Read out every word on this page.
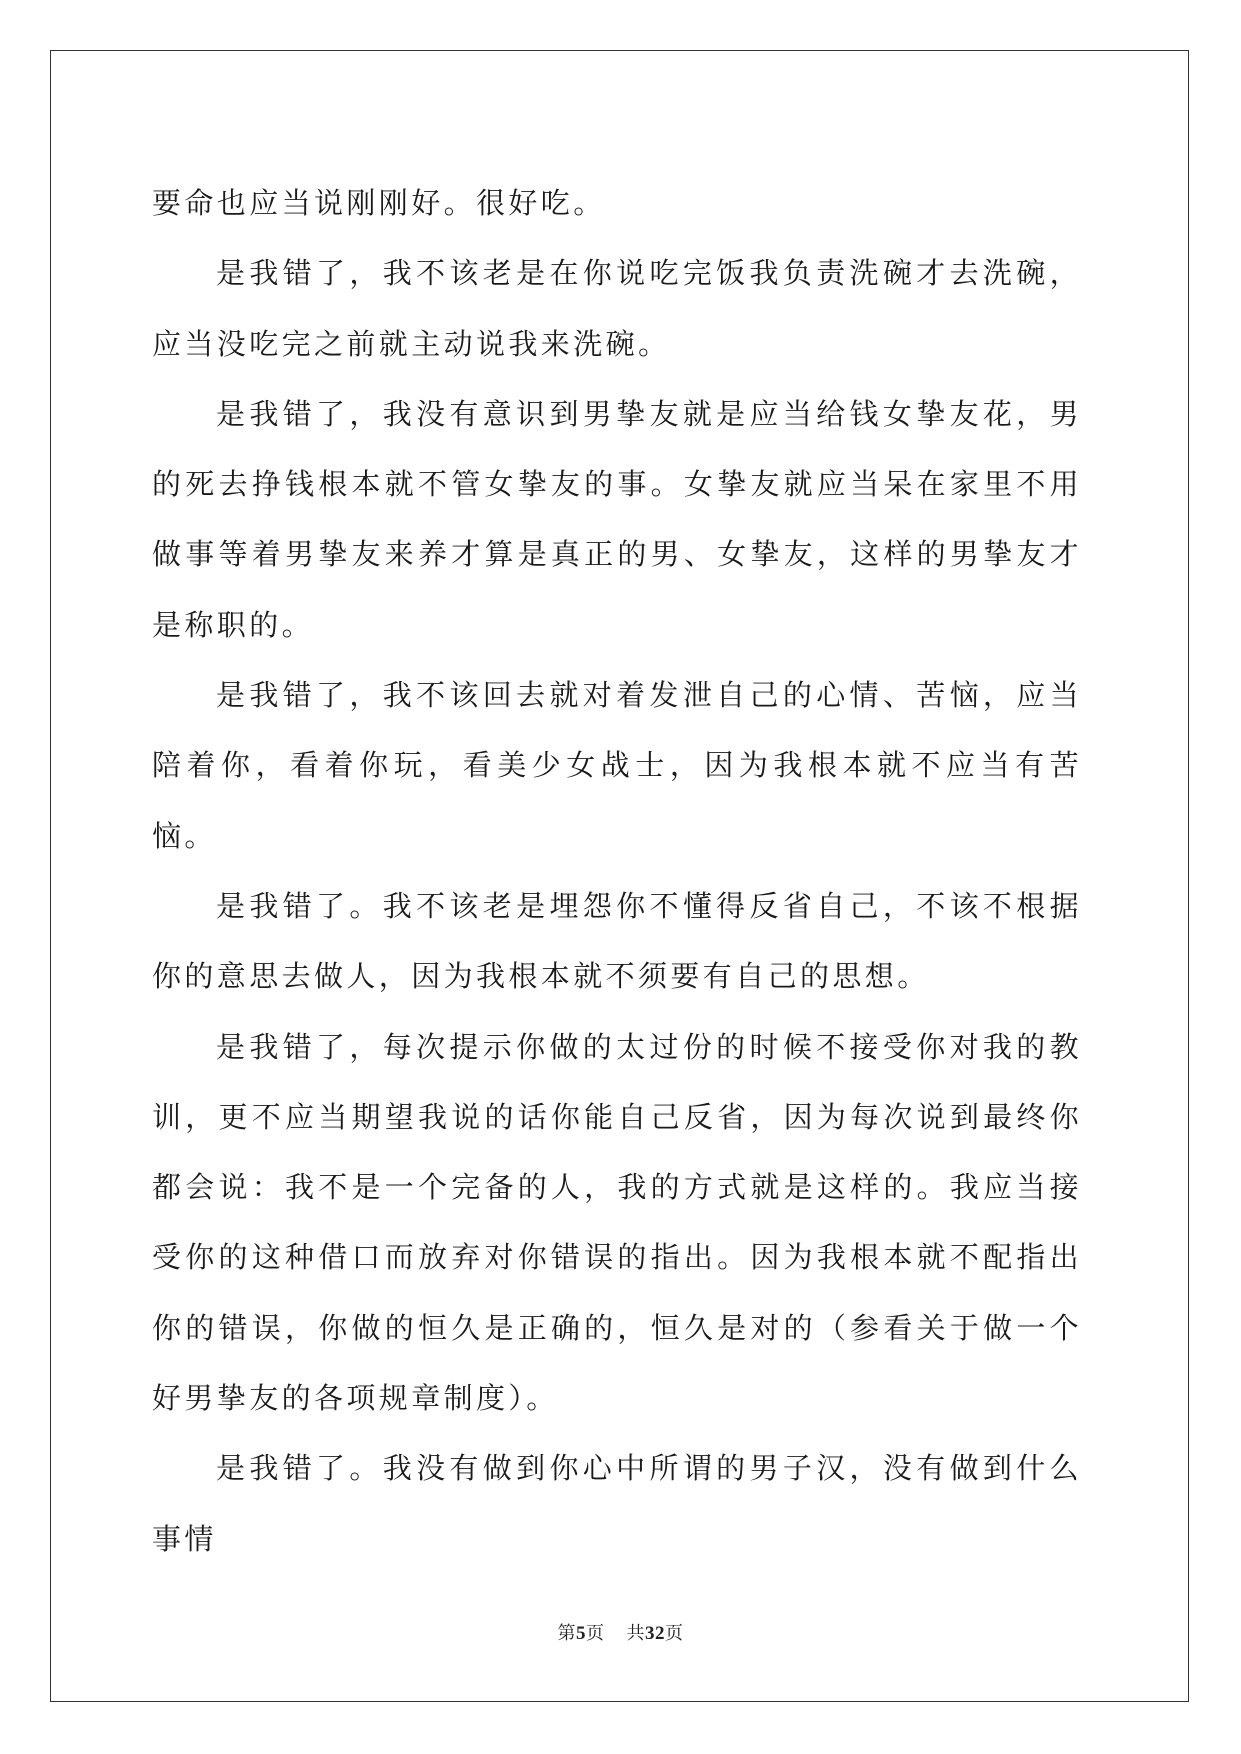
要命也应当说刚刚好。很好吃。

是我错了，我不该老是在你说吃完饭我负责洗碗才去洗碗，应当没吃完之前就主动说我来洗碗。

是我错了，我没有意识到男挚友就是应当给钱女挚友花，男的死去挣钱根本就不管女挚友的事。女挚友就应当呆在家里不用做事等着男挚友来养才算是真正的男、女挚友，这样的男挚友才是称职的。

是我错了，我不该回去就对着发泄自己的心情、苦恼，应当陪着你，看着你玩，看美少女战士，因为我根本就不应当有苦恼。

是我错了。我不该老是埋怨你不懂得反省自己，不该不根据你的意思去做人，因为我根本就不须要有自己的思想。

是我错了，每次提示你做的太过份的时候不接受你对我的教训，更不应当期望我说的话你能自己反省，因为每次说到最终你都会说：我不是一个完备的人，我的方式就是这样的。我应当接受你的这种借口而放弃对你错误的指出。因为我根本就不配指出你的错误，你做的恒久是正确的，恒久是对的（参看关于做一个好男挚友的各项规章制度）。

是我错了。我没有做到你心中所谓的男子汉，没有做到什么事情

第5页 共32页
